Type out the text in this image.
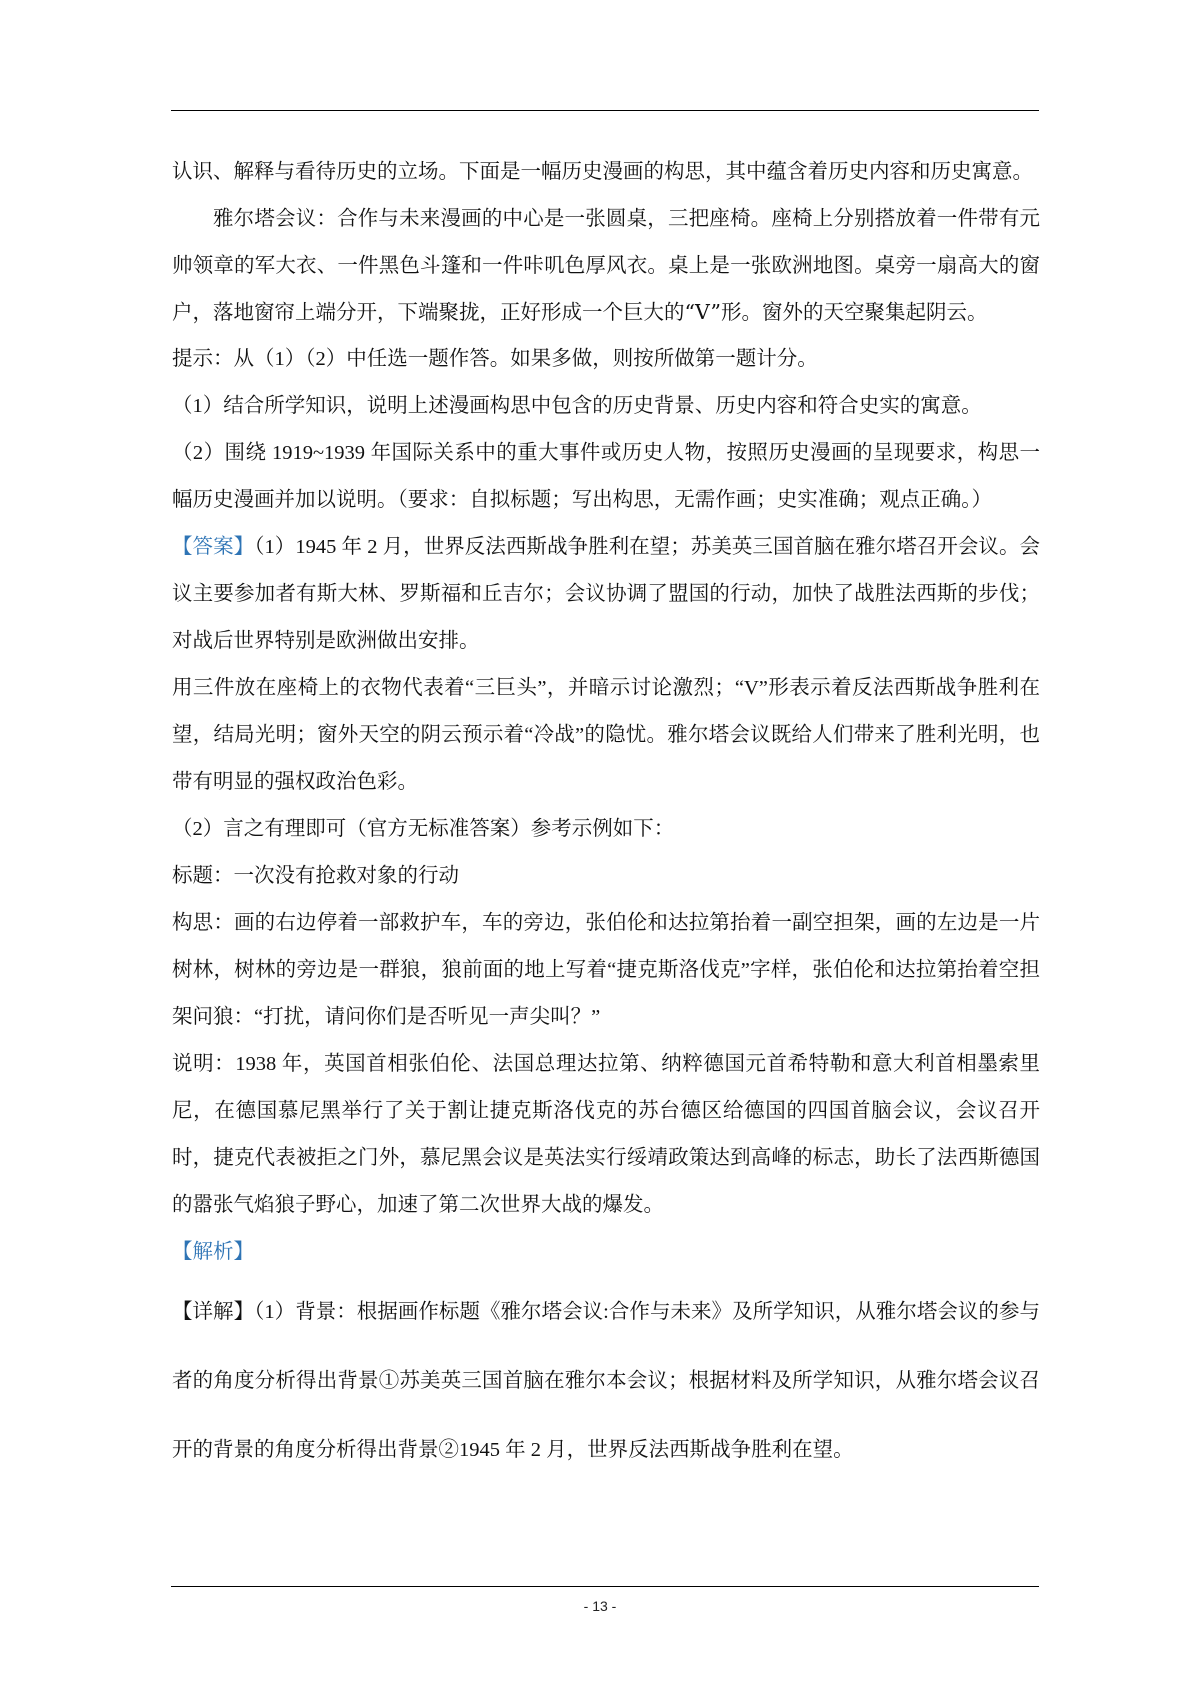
认识、解释与看待历史的立场。下面是一幅历史漫画的构思，其中蕴含着历史内容和历史寓意。

雅尔塔会议：合作与未来漫画的中心是一张圆桌，三把座椅。座椅上分别搭放着一件带有元帅领章的军大衣、一件黑色斗篷和一件咔叽色厚风衣。桌上是一张欧洲地图。桌旁一扇高大的窗户，落地窗帘上端分开，下端聚拢，正好形成一个巨大的“V”形。窗外的天空聚集起阴云。

提示：从（1）（2）中任选一题作答。如果多做，则按所做第一题计分。

（1）结合所学知识，说明上述漫画构思中包含的历史背景、历史内容和符合史实的寓意。

（2）围绕 1919~1939 年国际关系中的重大事件或历史人物，按照历史漫画的呈现要求，构思一幅历史漫画并加以说明。（要求：自拟标题；写出构思，无需作画；史实准确；观点正确。）

【答案】（1）1945 年 2 月，世界反法西斯战争胜利在望；苏美英三国首脑在雅尔塔召开会议。会议主要参加者有斯大林、罗斯福和丘吉尔；会议协调了盟国的行动，加快了战胜法西斯的步伐；对战后世界特别是欧洲做出安排。

用三件放在座椅上的衣物代表着“三巨头”，并暗示讨论激烈；“V”形表示着反法西斯战争胜利在望，结局光明；窗外天空的阴云预示着“冷战”的隐忧。雅尔塔会议既给人们带来了胜利光明，也带有明显的强权政治色彩。

（2）言之有理即可（官方无标准答案）参考示例如下：

标题：一次没有抢救对象的行动

构思：画的右边停着一部救护车，车的旁边，张伯伦和达拉第抬着一副空担架，画的左边是一片树林，树林的旁边是一群狼，狼前面的地上写着“捷克斯洛伐克”字样，张伯伦和达拉第抬着空担架问狼：“打扰，请问你们是否听见一声尖叫？”

说明：1938 年，英国首相张伯伦、法国总理达拉第、纳粹德国元首希特勒和意大利首相墨索里尼，在德国慕尼黑举行了关于割让捷克斯洛伐克的苏台德区给德国的四国首脑会议，会议召开时，捷克代表被拒之门外，慕尼黑会议是英法实行绥靖政策达到高峰的标志，助长了法西斯德国的嚣张气焰狼子野心，加速了第二次世界大战的爆发。

【解析】

【详解】（1）背景：根据画作标题《雅尔塔会议:合作与未来》及所学知识，从雅尔塔会议的参与者的角度分析得出背景①苏美英三国首脑在雅尔本会议；根据材料及所学知识，从雅尔塔会议召开的背景的角度分析得出背景②1945 年 2 月，世界反法西斯战争胜利在望。

- 13 -
